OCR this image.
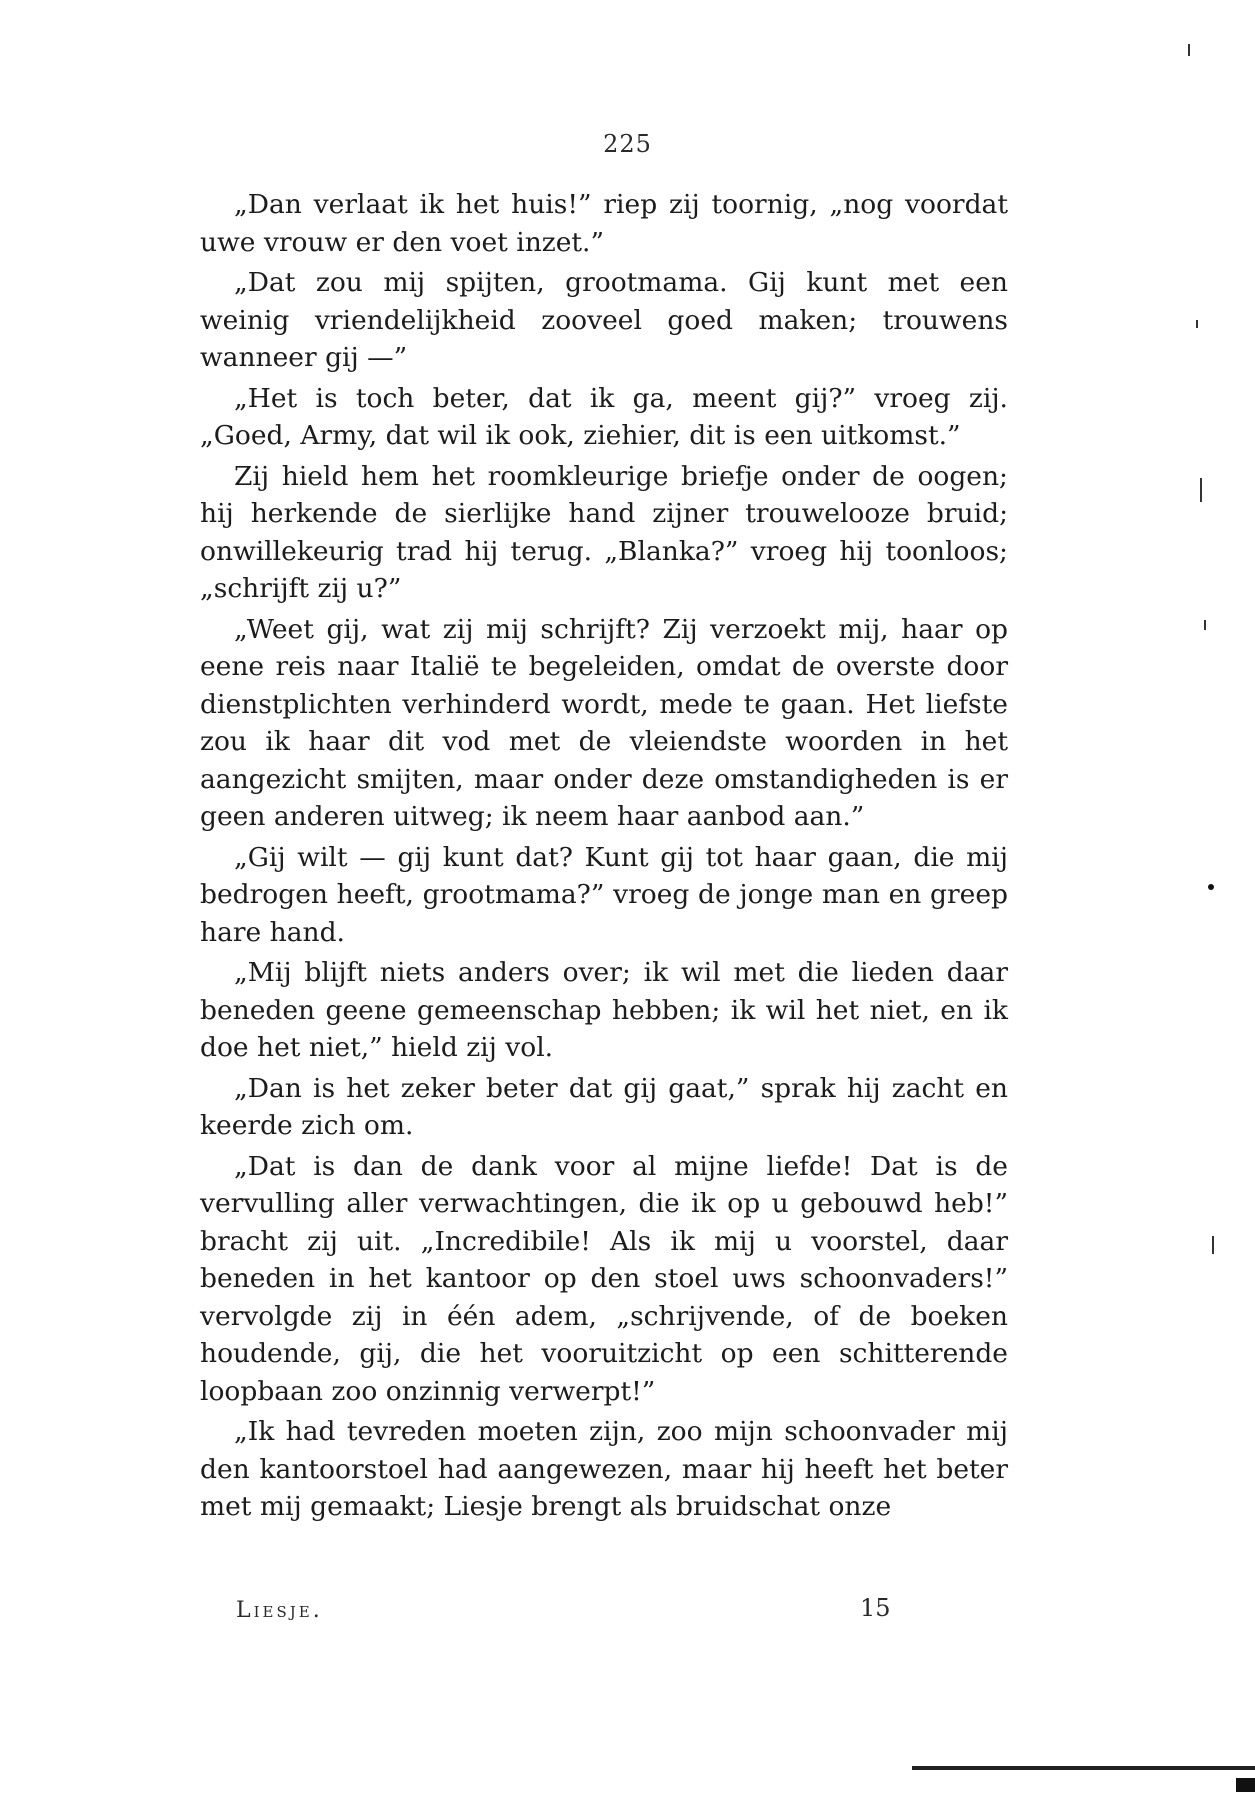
225

„Dan verlaat ik het huis!” riep zij toornig, „nog voordat uwe vrouw er den voet inzet.”

„Dat zou mij spijten, grootmama. Gij kunt met een weinig vriendelijkheid zooveel goed maken; trouwens wanneer gij —”

„Het is toch beter, dat ik ga, meent gij?” vroeg zij. „Goed, Army, dat wil ik ook, ziehier, dit is een uitkomst.”

Zij hield hem het roomkleurige briefje onder de oogen; hij herkende de sierlijke hand zijner trouwelooze bruid; onwillekeurig trad hij terug. „Blanka?” vroeg hij toonloos; „schrijft zij u?”

„Weet gij, wat zij mij schrijft? Zij verzoekt mij, haar op eene reis naar Italië te begeleiden, omdat de overste door dienstplichten verhinderd wordt, mede te gaan. Het liefste zou ik haar dit vod met de vleiendste woorden in het aangezicht smijten, maar onder deze omstandigheden is er geen anderen uitweg; ik neem haar aanbod aan.”

„Gij wilt — gij kunt dat? Kunt gij tot haar gaan, die mij bedrogen heeft, grootmama?” vroeg de jonge man en greep hare hand.

„Mij blijft niets anders over; ik wil met die lieden daar beneden geene gemeenschap hebben; ik wil het niet, en ik doe het niet,” hield zij vol.

„Dan is het zeker beter dat gij gaat,” sprak hij zacht en keerde zich om.

„Dat is dan de dank voor al mijne liefde! Dat is de vervulling aller verwachtingen, die ik op u gebouwd heb!” bracht zij uit. „Incredibile! Als ik mij u voorstel, daar beneden in het kantoor op den stoel uws schoonvaders!” vervolgde zij in één adem, „schrijvende, of de boeken houdende, gij, die het vooruitzicht op een schitterende loopbaan zoo onzinnig verwerpt!”

„Ik had tevreden moeten zijn, zoo mijn schoonvader mij den kantoorstoel had aangewezen, maar hij heeft het beter met mij gemaakt; Liesje brengt als bruidschat onze

Liesje.	15
